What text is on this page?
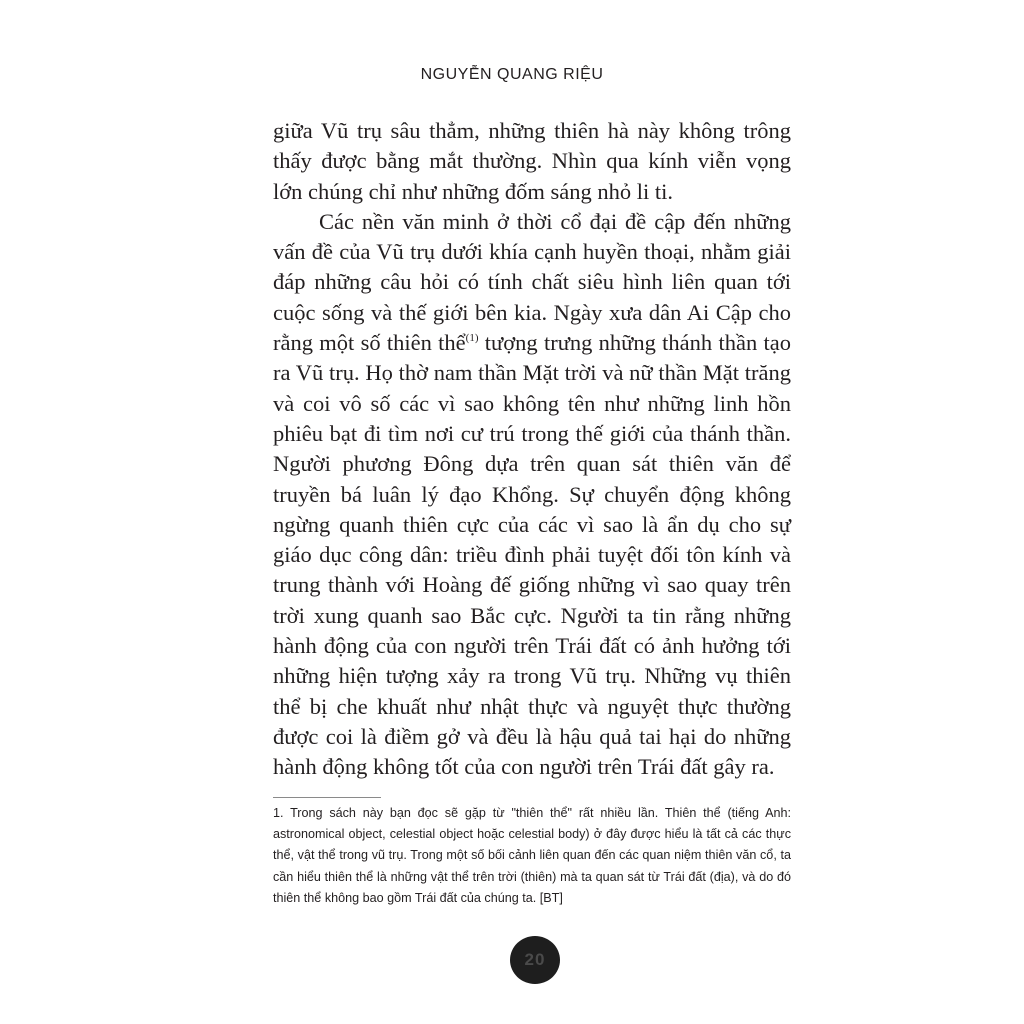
NGUYỄN QUANG RIỆU

giữa Vũ trụ sâu thẳm, những thiên hà này không trông thấy được bằng mắt thường. Nhìn qua kính viễn vọng lớn chúng chỉ như những đốm sáng nhỏ li ti.

Các nền văn minh ở thời cổ đại đề cập đến những vấn đề của Vũ trụ dưới khía cạnh huyền thoại, nhằm giải đáp những câu hỏi có tính chất siêu hình liên quan tới cuộc sống và thế giới bên kia. Ngày xưa dân Ai Cập cho rằng một số thiên thể$^{(1)}$ tượng trưng những thánh thần tạo ra Vũ trụ. Họ thờ nam thần Mặt trời và nữ thần Mặt trăng và coi vô số các vì sao không tên như những linh hồn phiêu bạt đi tìm nơi cư trú trong thế giới của thánh thần. Người phương Đông dựa trên quan sát thiên văn để truyền bá luân lý đạo Khổng. Sự chuyển động không ngừng quanh thiên cực của các vì sao là ẩn dụ cho sự giáo dục công dân: triều đình phải tuyệt đối tôn kính và trung thành với Hoàng đế giống những vì sao quay trên trời xung quanh sao Bắc cực. Người ta tin rằng những hành động của con người trên Trái đất có ảnh hưởng tới những hiện tượng xảy ra trong Vũ trụ. Những vụ thiên thể bị che khuất như nhật thực và nguyệt thực thường được coi là điềm gở và đều là hậu quả tai hại do những hành động không tốt của con người trên Trái đất gây ra.

1. Trong sách này bạn đọc sẽ gặp từ "thiên thể" rất nhiều lần. Thiên thể (tiếng Anh: astronomical object, celestial object hoặc celestial body) ở đây được hiểu là tất cả các thực thể, vật thể trong vũ trụ. Trong một số bối cảnh liên quan đến các quan niệm thiên văn cổ, ta cần hiểu thiên thể là những vật thể trên trời (thiên) mà ta quan sát từ Trái đất (địa), và do đó thiên thể không bao gồm Trái đất của chúng ta. [BT]
20
